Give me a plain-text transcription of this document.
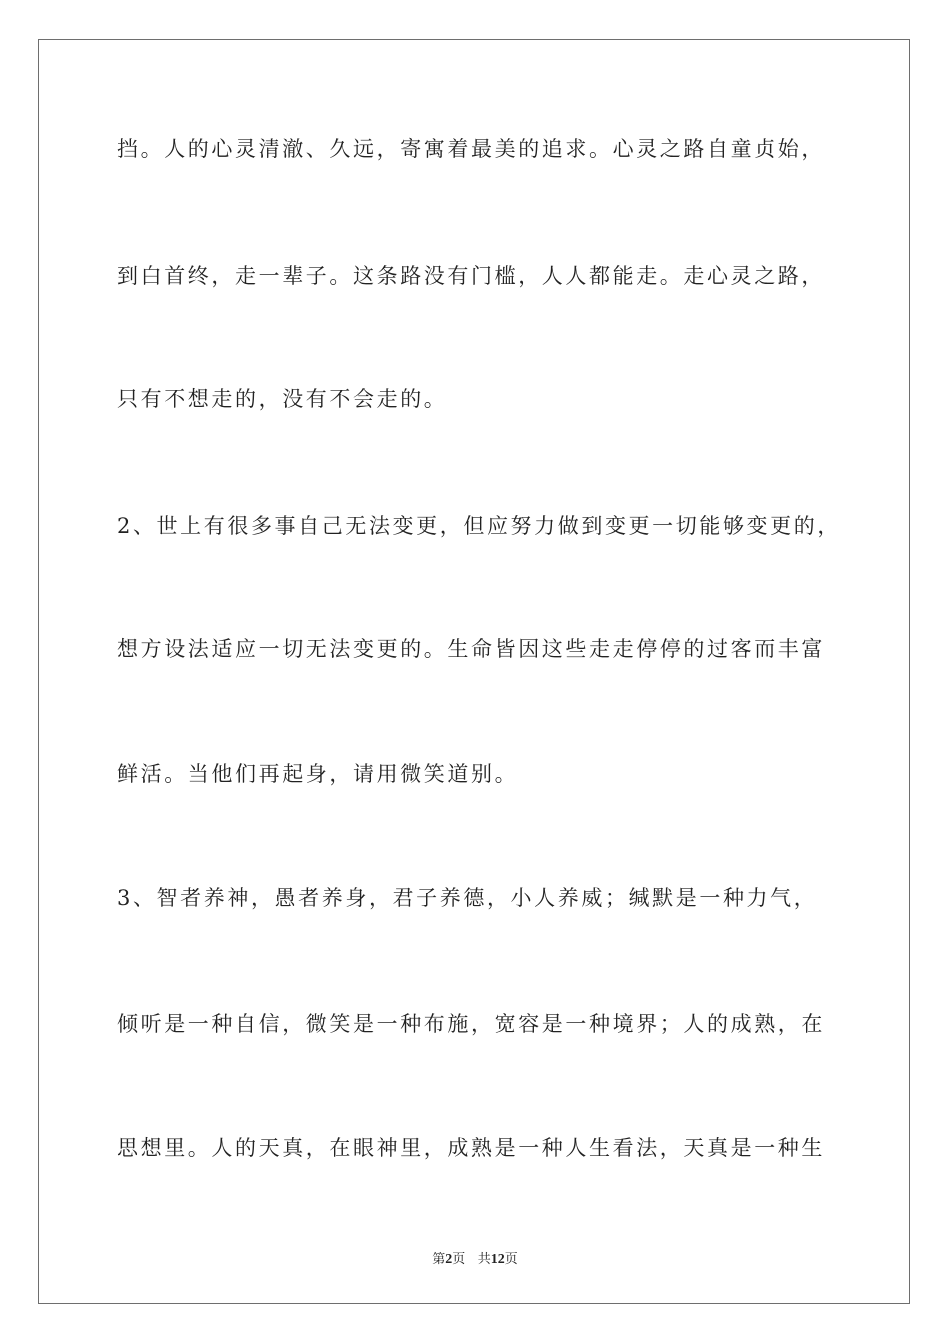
挡。人的心灵清澈、久远，寄寓着最美的追求。心灵之路自童贞始，

到白首终，走一辈子。这条路没有门槛，人人都能走。走心灵之路，

只有不想走的，没有不会走的。

2、世上有很多事自己无法变更，但应努力做到变更一切能够变更的，

想方设法适应一切无法变更的。生命皆因这些走走停停的过客而丰富

鲜活。当他们再起身，请用微笑道别。

3、智者养神，愚者养身，君子养德，小人养威；缄默是一种力气，

倾听是一种自信，微笑是一种布施，宽容是一种境界；人的成熟，在

思想里。人的天真，在眼神里，成熟是一种人生看法，天真是一种生

第2页 共12页
